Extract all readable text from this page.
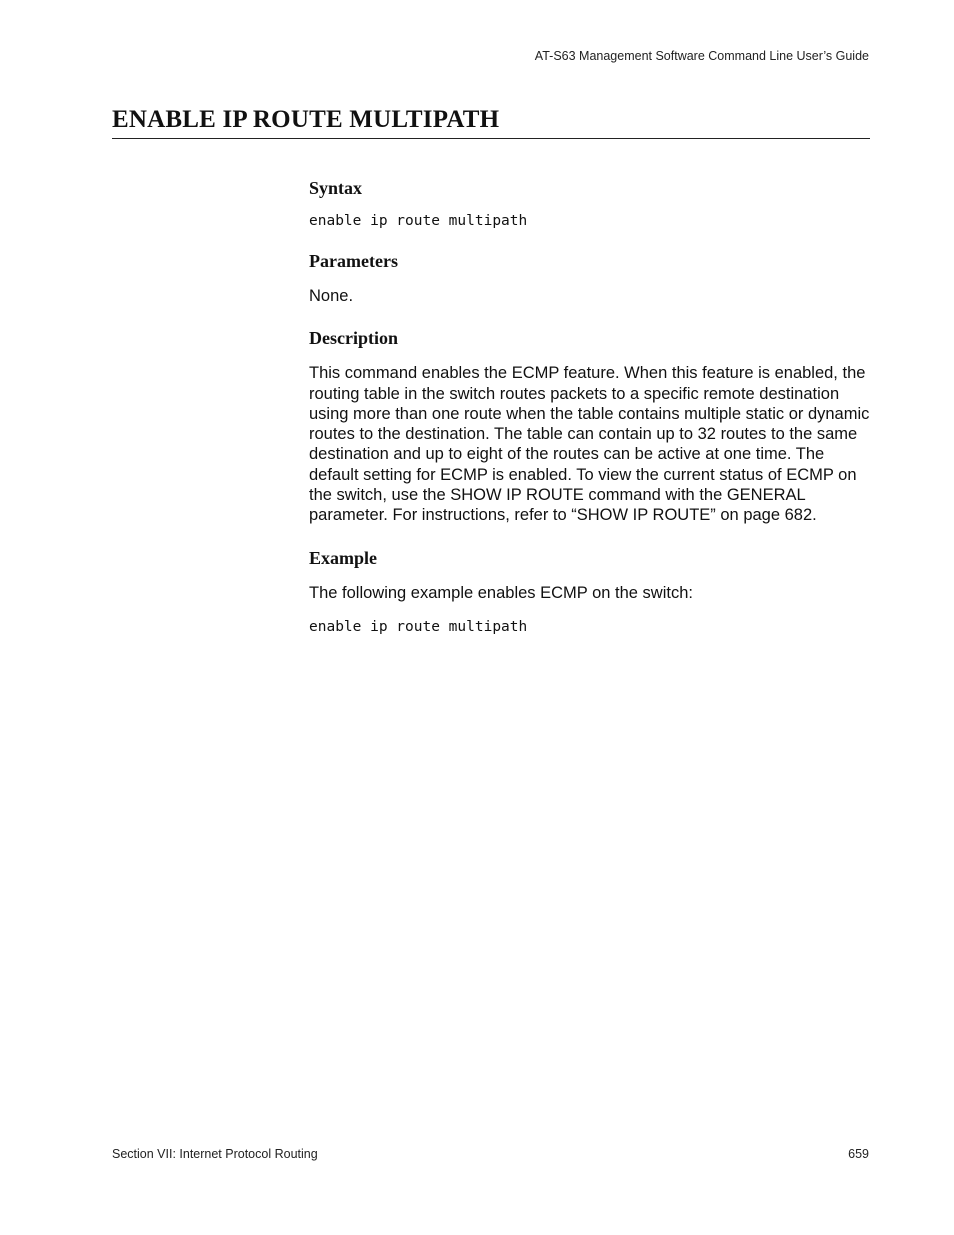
AT-S63 Management Software Command Line User’s Guide
ENABLE IP ROUTE MULTIPATH
Syntax
enable ip route multipath
Parameters
None.
Description
This command enables the ECMP feature. When this feature is enabled, the routing table in the switch routes packets to a specific remote destination using more than one route when the table contains multiple static or dynamic routes to the destination. The table can contain up to 32 routes to the same destination and up to eight of the routes can be active at one time. The default setting for ECMP is enabled. To view the current status of ECMP on the switch, use the SHOW IP ROUTE command with the GENERAL parameter. For instructions, refer to “SHOW IP ROUTE” on page 682.
Example
The following example enables ECMP on the switch:
enable ip route multipath
Section VII: Internet Protocol Routing	659
